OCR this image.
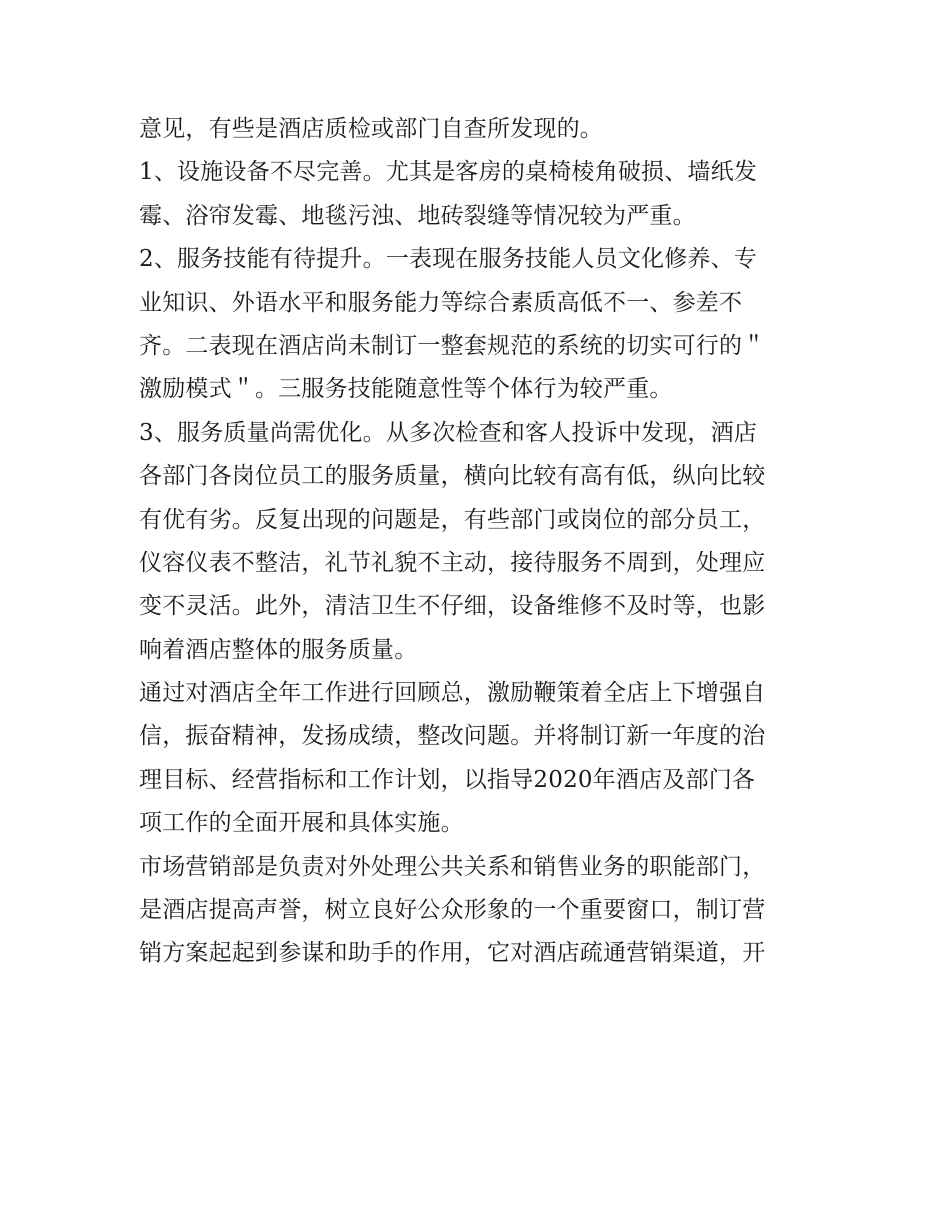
意见，有些是酒店质检或部门自查所发现的。
1、设施设备不尽完善。尤其是客房的桌椅棱角破损、墙纸发
霉、浴帘发霉、地毯污浊、地砖裂缝等情况较为严重。
2、服务技能有待提升。一表现在服务技能人员文化修养、专
业知识、外语水平和服务能力等综合素质高低不一、参差不
齐。二表现在酒店尚未制订一整套规范的系统的切实可行的＂
激励模式＂。三服务技能随意性等个体行为较严重。
3、服务质量尚需优化。从多次检查和客人投诉中发现，酒店
各部门各岗位员工的服务质量，横向比较有高有低，纵向比较
有优有劣。反复出现的问题是，有些部门或岗位的部分员工，
仪容仪表不整洁，礼节礼貌不主动，接待服务不周到，处理应
变不灵活。此外，清洁卫生不仔细，设备维修不及时等，也影
响着酒店整体的服务质量。
通过对酒店全年工作进行回顾总，激励鞭策着全店上下增强自
信，振奋精神，发扬成绩，整改问题。并将制订新一年度的治
理目标、经营指标和工作计划，以指导2020年酒店及部门各
项工作的全面开展和具体实施。
市场营销部是负责对外处理公共关系和销售业务的职能部门，
是酒店提高声誉，树立良好公众形象的一个重要窗口，制订营
销方案起起到参谋和助手的作用，它对酒店疏通营销渠道，开
